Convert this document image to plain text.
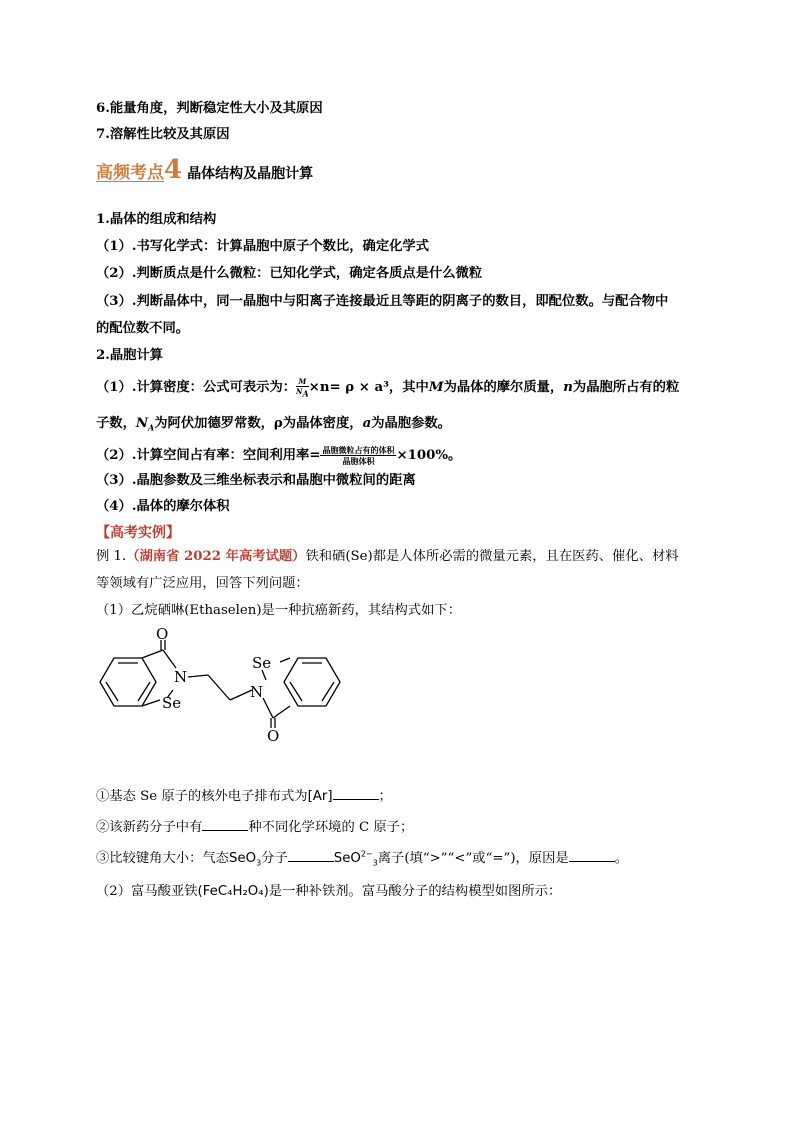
6.能量角度，判断稳定性大小及其原因
7.溶解性比较及其原因
高频考点4 晶体结构及晶胞计算
1.晶体的组成和结构
（1）.书写化学式：计算晶胞中原子个数比，确定化学式
（2）.判断质点是什么微粒：已知化学式，确定各质点是什么微粒
（3）.判断晶体中，同一晶胞中与阳离子连接最近且等距的阴离子的数目，即配位数。与配合物中
的配位数不同。
2.晶胞计算
（1）.计算密度：公式可表示为： $\frac{M}{N_A} \times n= \rho \times a^3$，其中M为晶体的摩尔质量，n为晶胞所占有的粒
子数，$N_A$为阿伏加德罗常数，ρ为晶体密度，a为晶胞参数。
（2）.计算空间占有率：空间利用率= $\frac{\text{晶胞微粒占有的体积}}{\text{晶胞体积}} \times 100\%$。
（3）.晶胞参数及三维坐标表示和晶胞中微粒间的距离
（4）.晶体的摩尔体积
【高考实例】
例 1.（湖南省 2022 年高考试题）铁和硒(Se)都是人体所必需的微量元素，且在医药、催化、材料
等领域有广泛应用，回答下列问题：
（1）乙烷硒啉(Ethaselen)是一种抗癌新药，其结构式如下：
O
N
Se
Se
N
O
①基态 Se 原子的核外电子排布式为[Ar]	；
②该新药分子中有	种不同化学环境的 C 原子；
③比较键角大小：气态SeO$_3$分子	SeO$^{2-}_3$离子(填“>”“<”或“=”)，原因是	。
（2）富马酸亚铁(FeC₄H₂O₄)是一种补铁剂。富马酸分子的结构模型如图所示：
